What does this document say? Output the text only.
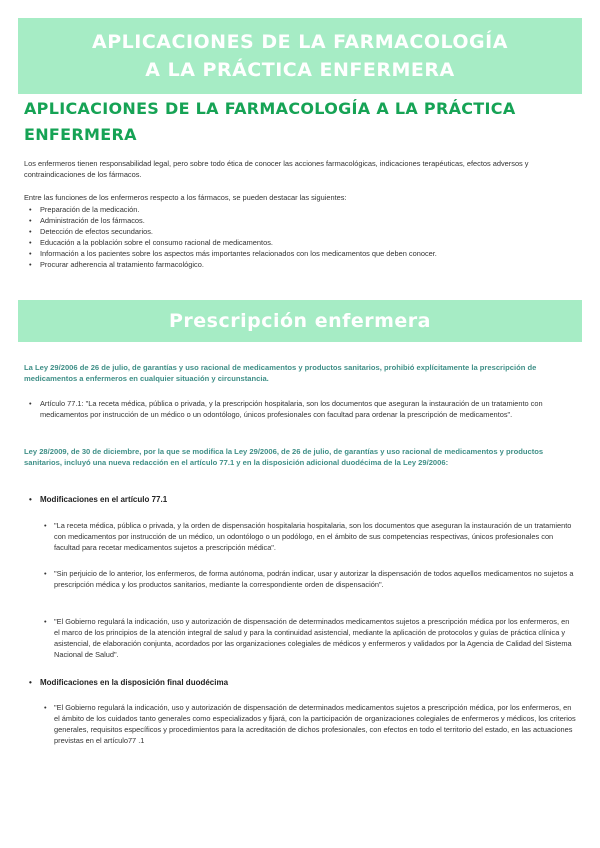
APLICACIONES DE LA FARMACOLOGÍA
A LA PRÁCTICA ENFERMERA
APLICACIONES DE LA FARMACOLOGÍA A LA PRÁCTICA ENFERMERA

Los enfermeros tienen responsabilidad legal, pero sobre todo ética de conocer las acciones farmacológicas, indicaciones terapéuticas, efectos adversos y contraindicaciones de los fármacos.

Entre las funciones de los enfermeros respecto a los fármacos, se pueden destacar las siguientes:

• Preparación de la medicación.
• Administración de los fármacos.
• Detección de efectos secundarios.
• Educación a la población sobre el consumo racional de medicamentos.
• Información a los pacientes sobre los aspectos más importantes relacionados con los medicamentos que deben conocer.
• Procurar adherencia al tratamiento farmacológico.
Prescripción enfermera

La Ley 29/2006 de 26 de julio, de garantías y uso racional de medicamentos y productos sanitarios, prohibió explícitamente la prescripción de medicamentos a enfermeros en cualquier situación y circunstancia.

• Artículo 77.1: "La receta médica, pública o privada, y la prescripción hospitalaria, son los documentos que aseguran la instauración de un tratamiento con medicamentos por instrucción de un médico o un odontólogo, únicos profesionales con facultad para ordenar la prescripción de medicamentos".

Ley 28/2009, de 30 de diciembre, por la que se modifica la Ley 29/2006, de 26 de julio, de garantías y uso racional de medicamentos y productos sanitarios, incluyó una nueva redacción en el artículo 77.1 y en la disposición adicional duodécima de la Ley 29/2006:

• Modificaciones en el artículo 77.1
• "La receta médica, pública o privada, y la orden de dispensación hospitalaria hospitalaria, son los documentos que aseguran la instauración de un tratamiento con medicamentos por instrucción de un médico, un odontólogo o un podólogo, en el ámbito de sus competencias respectivas, únicos profesionales con facultad para recetar medicamentos sujetos a prescripción médica".
• "Sin perjuicio de lo anterior, los enfermeros, de forma autónoma, podrán indicar, usar y autorizar la dispensación de todos aquellos medicamentos no sujetos a prescripción médica y los productos sanitarios, mediante la correspondiente orden de dispensación".
• "El Gobierno regulará la indicación, uso y autorización de dispensación de determinados medicamentos sujetos a prescripción médica por los enfermeros, en el marco de los principios de la atención integral de salud y para la continuidad asistencial, mediante la aplicación de protocolos y guías de práctica clínica y asistencial, de elaboración conjunta, acordados por las organizaciones colegiales de médicos y enfermeros y validados por la Agencia de Calidad del Sistema Nacional de Salud".
• Modificaciones en la disposición final duodécima
• "El Gobierno regulará la indicación, uso y autorización de dispensación de determinados medicamentos sujetos a prescripción médica, por los enfermeros, en el ámbito de los cuidados tanto generales como especializados y fijará, con la participación de organizaciones colegiales de enfermeros y médicos, los criterios generales, requisitos específicos y procedimientos para la acreditación de dichos profesionales, con efectos en todo el territorio del estado, en las actuaciones previstas en el artículo77 .1
